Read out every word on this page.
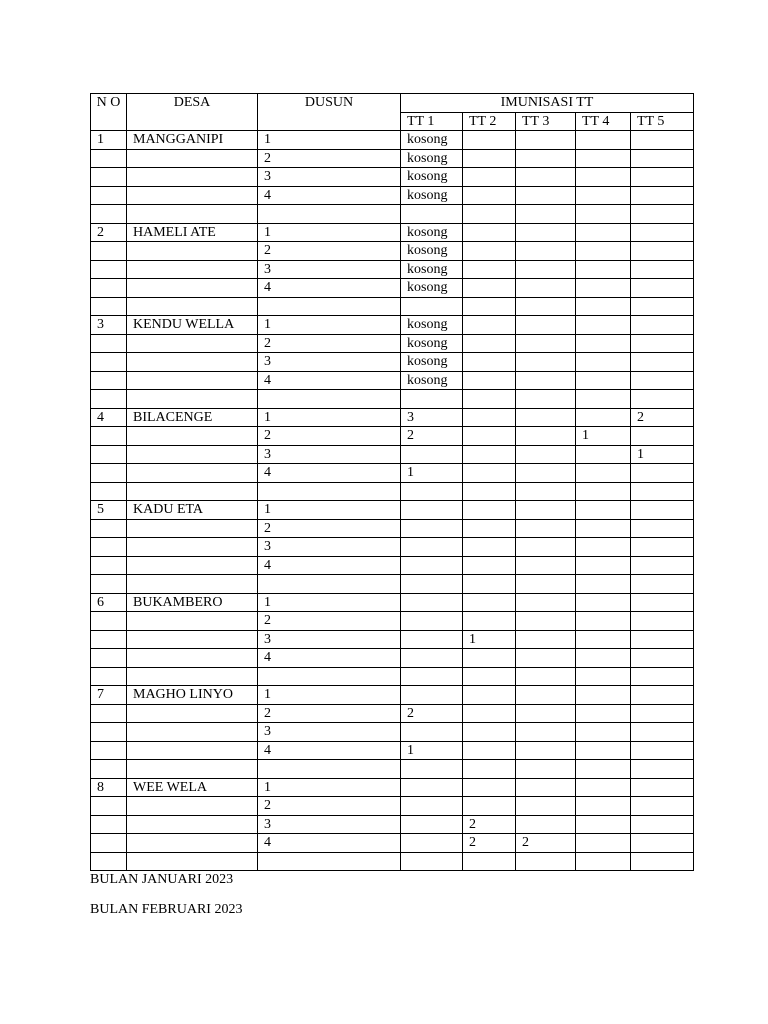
N O	DESA	DUSUN	IMUNISASI TT				
			TT 1	TT 2	TT 3	TT 4	TT 5
1	MANGGANIPI	1	kosong				
		2	kosong				
		3	kosong				
		4	kosong				

2	HAMELI ATE	1	kosong				
		2	kosong				
		3	kosong				
		4	kosong				

3	KENDU WELLA	1	kosong				
		2	kosong				
		3	kosong				
		4	kosong				

4	BILACENGE	1	3				2
		2	2			1	
		3					1
		4	1				

5	KADU ETA	1					
		2					
		3					
		4					

6	BUKAMBERO	1					
		2					
		3		1			
		4					

7	MAGHO LINYO	1					
		2	2				
		3					
		4	1				

8	WEE WELA	1					
		2					
		3		2			
		4		2	2		

BULAN JANUARI 2023

BULAN FEBRUARI 2023
